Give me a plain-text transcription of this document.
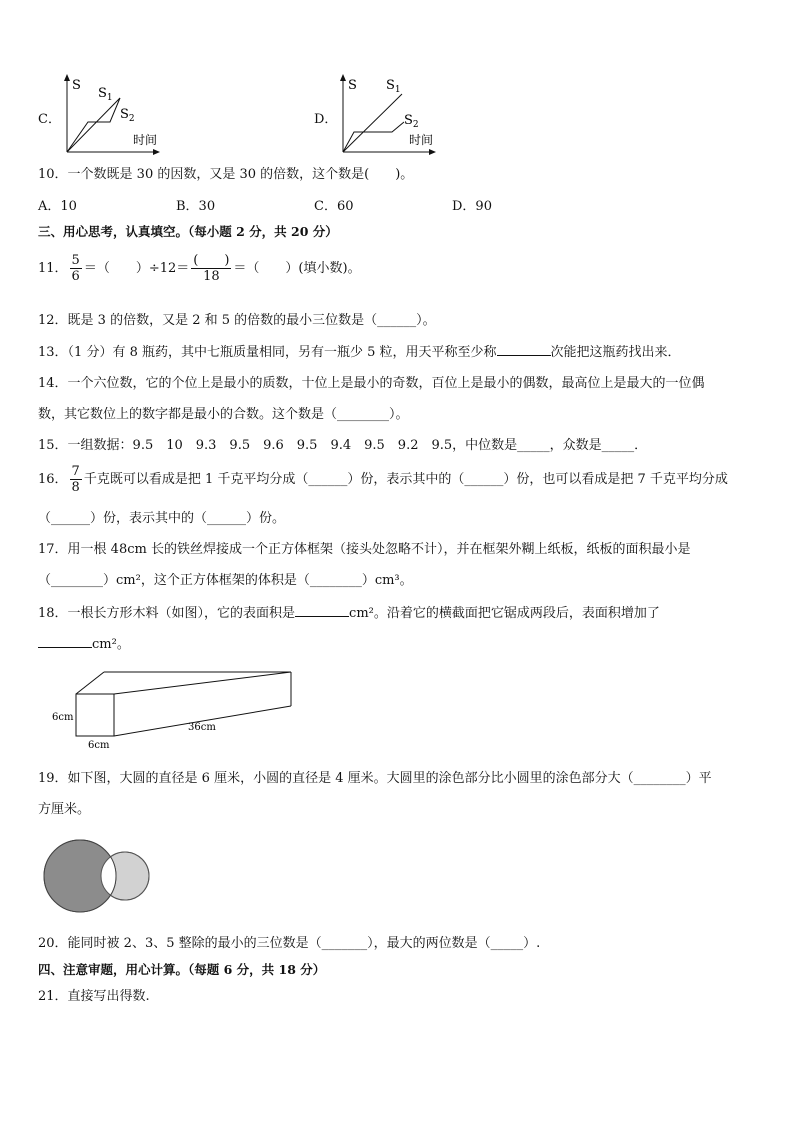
C．
S
时间
$S_1$
$S_2$	D．
S
时间
$S_1$
$S_2$
10．一个数既是 30 的因数，又是 30 的倍数，这个数是(　　)。
A．10	B．30	C．60	D．90
三、用心思考，认真填空。（每小题 2 分，共 20 分）
11． $\frac{5}{6}$ ＝（　　）$\div 12= \frac{( )}{18}$ ＝（　　）(填小数)。
12．既是 3 的倍数，又是 2 和 5 的倍数的最小三位数是（______）。
13．（1 分）有 8 瓶药，其中七瓶质量相同，另有一瓶少 5 粒，用天平称至少称	次能把这瓶药找出来．
14．一个六位数，它的个位上是最小的质数，十位上是最小的奇数，百位上是最小的偶数，最高位上是最大的一位偶
数，其它数位上的数字都是最小的合数。这个数是（________）。
15．一组数据：9.5　10　9.3　9.5　9.6　9.5　9.4　9.5　9.2　9.5，中位数是_____，众数是_____．
16． $\frac{7}{8}$ 千克既可以看成是把 1 千克平均分成（______）份，表示其中的（______）份，也可以看成是把 7 千克平均分成
（______）份，表示其中的（______）份。
17．用一根 48cm 长的铁丝焊接成一个正方体框架（接头处忽略不计），并在框架外糊上纸板，纸板的面积最小是
（________）cm²，这个正方体框架的体积是（________）cm³。
18．一根长方形木料（如图），它的表面积是	cm²。沿着它的横截面把它锯成两段后，表面积增加了
cm²。
6cm
6cm
36cm
19．如下图，大圆的直径是 6 厘米，小圆的直径是 4 厘米。大圆里的涂色部分比小圆里的涂色部分大（________）平
方厘米。
20．能同时被 2、3、5 整除的最小的三位数是（_______），最大的两位数是（_____）.
四、注意审题，用心计算。（每题 6 分，共 18 分）
21．直接写出得数.
